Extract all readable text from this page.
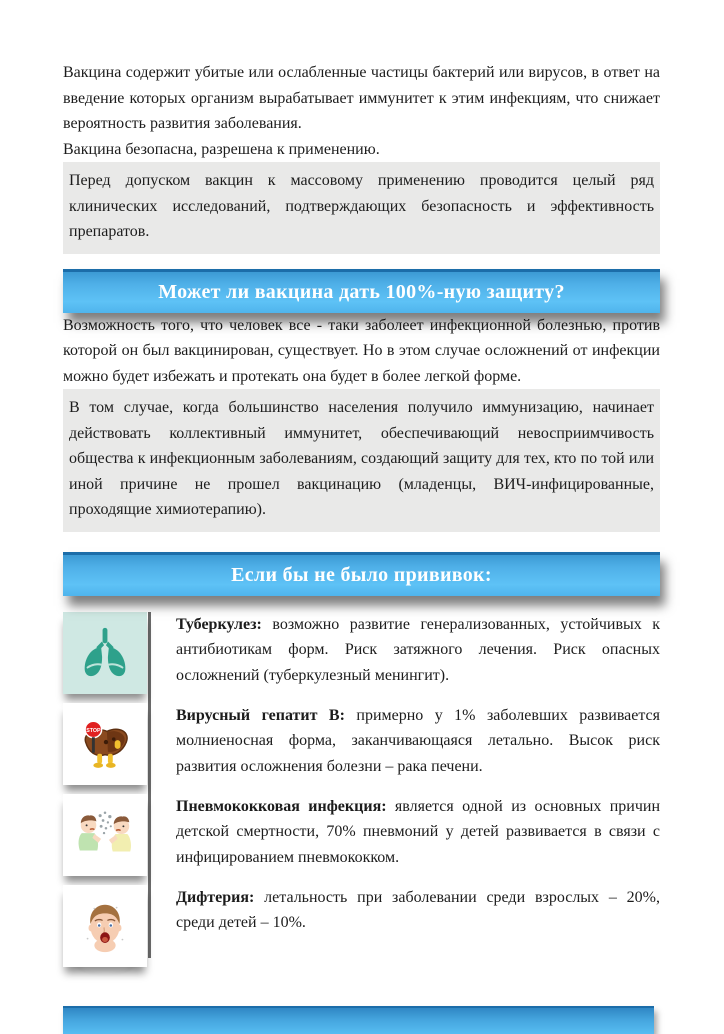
Вакцина содержит убитые или ослабленные частицы бактерий или вирусов, в ответ на введение которых организм вырабатывает иммунитет к этим инфекциям, что снижает вероятность развития заболевания.

Вакцина безопасна, разрешена к применению.

Перед допуском вакцин к массовому применению проводится целый ряд клинических исследований, подтверждающих безопасность и эффективность препаратов.

Может ли вакцина дать 100%-ную защиту?

Возможность того, что человек все - таки заболеет инфекционной болезнью, против которой он был вакцинирован, существует. Но в этом случае осложнений от инфекции можно будет избежать и протекать она будет в более легкой форме.

В том случае, когда большинство населения получило иммунизацию, начинает действовать коллективный иммунитет, обеспечивающий невосприимчивость общества к инфекционным заболеваниям, создающий защиту для тех, кто по той или иной причине не прошел вакцинацию (младенцы, ВИЧ-инфицированные, проходящие химиотерапию).

Если бы не было прививок:
Туберкулез: возможно развитие генерализованных, устойчивых к антибиотикам форм. Риск затяжного лечения. Риск опасных осложнений (туберкулезный менингит).
STOP
Вирусный гепатит В: примерно у 1% заболевших развивается молниеносная форма, заканчивающаяся летально. Высок риск развития осложнения болезни – рака печени.
Пневмококковая инфекция: является одной из основных причин детской смертности, 70% пневмоний у детей развивается в связи с инфицированием пневмококком.
Дифтерия: летальность при заболевании среди взрослых – 20%, среди детей – 10%.
